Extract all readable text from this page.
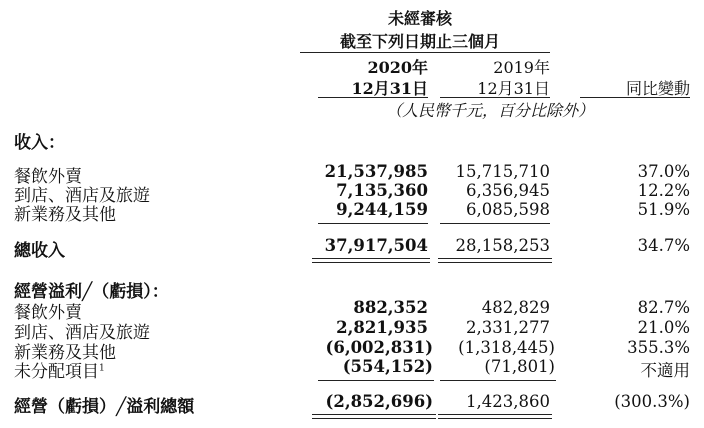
未經審核
截至下列日期止三個月
2020年
12月31日
2019年
12月31日	同比變動
（人民幣千元，百分比除外）
收入：
餐飲外賣	21,537,985 15,715,710	37.0%
到店、酒店及旅遊	7,135,360 6,356,945	12.2%
新業務及其他	9,244,159 6,085,598	51.9%
總收入	37,917,504 28,158,253	34.7%
經營溢利╱（虧損）：
餐飲外賣	882,352	482,829	82.7%
到店、酒店及旅遊	2,821,935 2,331,277	21.0%
新業務及其他	(6,002,831) (1,318,445)	355.3%
未分配項目$^1$	(554,152)	(71,801)	不適用
經營（虧損）╱溢利總額	(2,852,696) 1,423,860	(300.3%)
